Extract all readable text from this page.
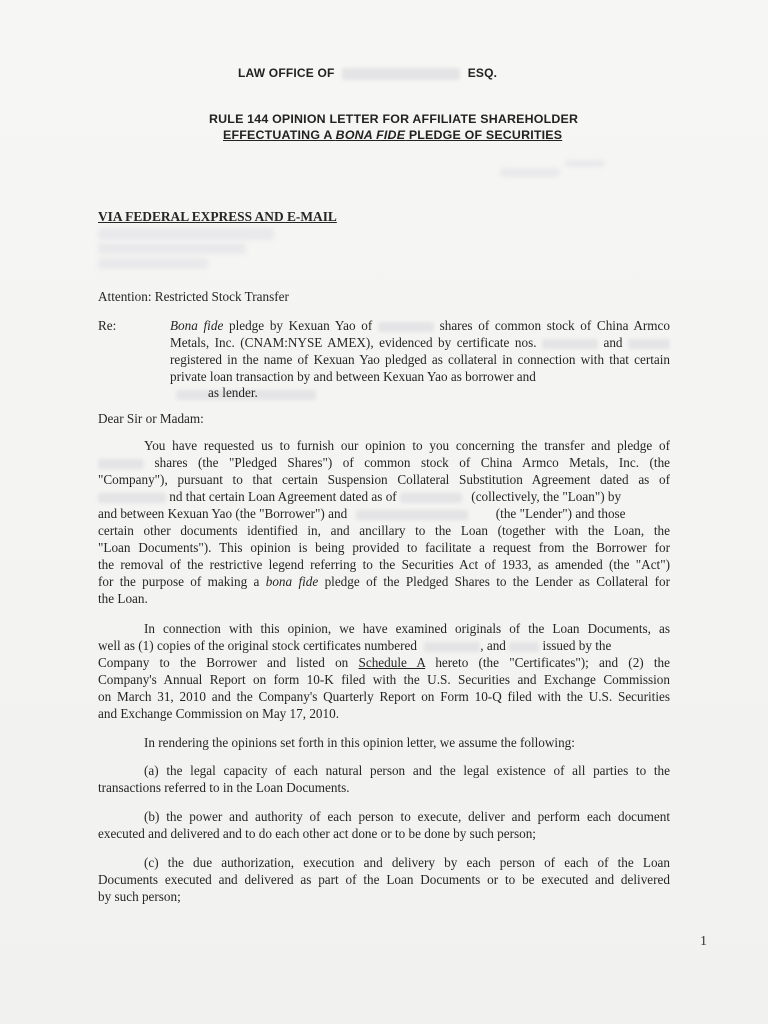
LAW OFFICE OF	ESQ.
RULE 144 OPINION LETTER FOR AFFILIATE SHAREHOLDER
EFFECTUATING A BONA FIDE PLEDGE OF SECURITIES
VIA FEDERAL EXPRESS AND E-MAIL
Attention: Restricted Stock Transfer
Re:	Bona fide pledge by Kexuan Yao of	shares of common stock of China Armco
Metals, Inc. (CNAM:NYSE AMEX), evidenced by certificate nos.	and
registered in the name of Kexuan Yao pledged as collateral in connection with that certain
private loan transaction by and between Kexuan Yao as borrower and
as lender.
Dear Sir or Madam:
You have requested us to furnish our opinion to you concerning the transfer and pledge of
shares (the "Pledged Shares") of common stock of China Armco Metals, Inc. (the
"Company"), pursuant to that certain Suspension Collateral Substitution Agreement dated as of
nd that certain Loan Agreement dated as of	(collectively, the "Loan") by
and between Kexuan Yao (the "Borrower") and	(the "Lender") and those
certain other documents identified in, and ancillary to the Loan (together with the Loan, the
"Loan Documents"). This opinion is being provided to facilitate a request from the Borrower for
the removal of the restrictive legend referring to the Securities Act of 1933, as amended (the "Act")
for the purpose of making a bona fide pledge of the Pledged Shares to the Lender as Collateral for
the Loan.
In connection with this opinion, we have examined originals of the Loan Documents, as
well as (1) copies of the original stock certificates numbered	, and	issued by the
Company to the Borrower and listed on Schedule A hereto (the "Certificates"); and (2) the
Company's Annual Report on form 10-K filed with the U.S. Securities and Exchange Commission
on March 31, 2010 and the Company's Quarterly Report on Form 10-Q filed with the U.S. Securities
and Exchange Commission on May 17, 2010.
In rendering the opinions set forth in this opinion letter, we assume the following:
(a) the legal capacity of each natural person and the legal existence of all parties to the
transactions referred to in the Loan Documents.
(b) the power and authority of each person to execute, deliver and perform each document
executed and delivered and to do each other act done or to be done by such person;
(c) the due authorization, execution and delivery by each person of each of the Loan
Documents executed and delivered as part of the Loan Documents or to be executed and delivered
by such person;
1
